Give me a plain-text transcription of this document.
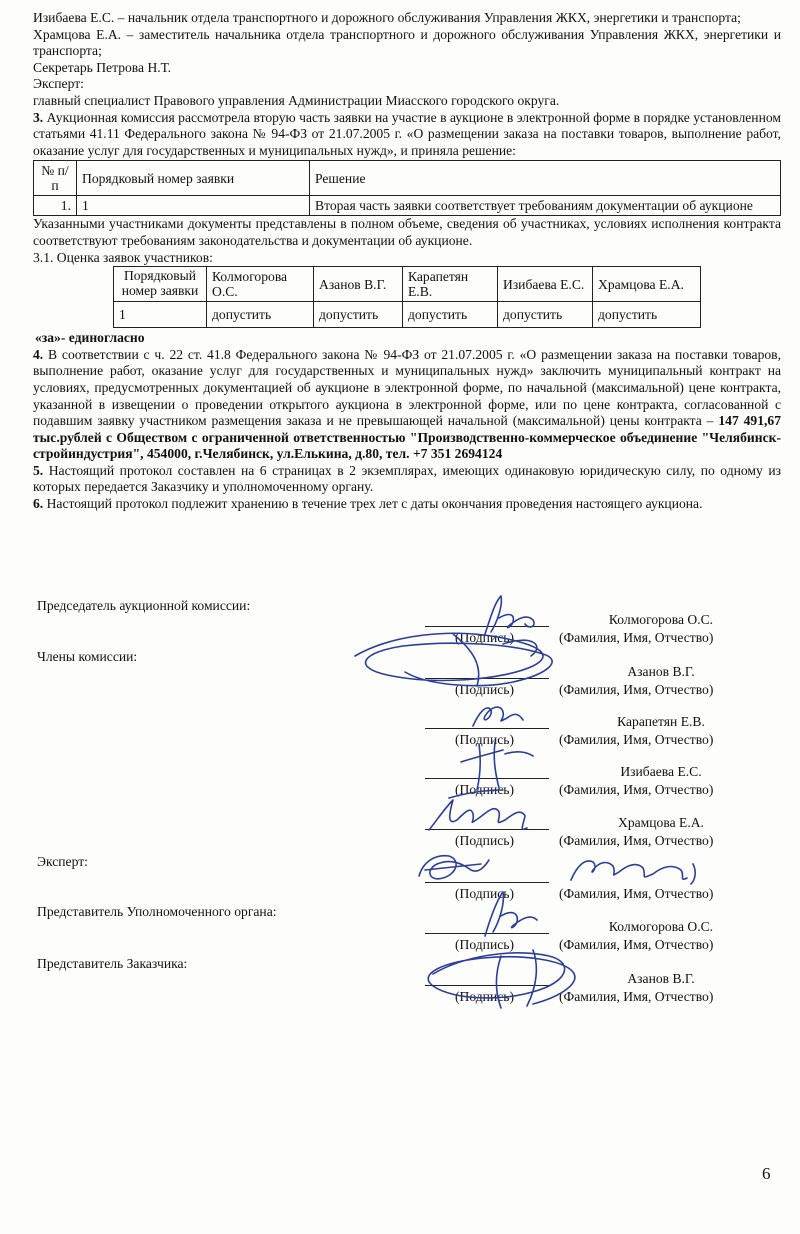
Изибаева Е.С. – начальник отдела транспортного и дорожного обслуживания Управления ЖКХ, энергетики и транспорта;

Храмцова Е.А. – заместитель начальника отдела транспортного и дорожного обслуживания Управления ЖКХ, энергетики и транспорта;

Секретарь Петрова Н.Т.

Эксперт:

главный специалист Правового управления Администрации Миасского городского округа.

3. Аукционная комиссия рассмотрела вторую часть заявки на участие в аукционе в электронной форме в порядке установленном статьями 41.11 Федерального закона № 94-ФЗ от 21.07.2005 г. «О размещении заказа на поставки товаров, выполнение работ, оказание услуг для государственных и муниципальных нужд», и приняла решение:

№ п/п	Порядковый номер заявки	Решение
1.	1	Вторая часть заявки соответствует требованиям документации об аукционе

Указанными участниками документы представлены в полном объеме, сведения об участниках, условиях исполнения контракта соответствуют требованиям законодательства и документации об аукционе.

3.1. Оценка заявок участников:

Порядковый номер заявки	Колмогорова О.С.	Азанов В.Г.	Карапетян Е.В.	Изибаева Е.С.	Храмцова Е.А.
1	допустить	допустить	допустить	допустить	допустить

«за»- единогласно

4. В соответствии с ч. 22 ст. 41.8 Федерального закона № 94-ФЗ от 21.07.2005 г. «О размещении заказа на поставки товаров, выполнение работ, оказание услуг для государственных и муниципальных нужд» заключить муниципальный контракт на условиях, предусмотренных документацией об аукционе в электронной форме, по начальной (максимальной) цене контракта, указанной в извещении о проведении открытого аукциона в электронной форме, или по цене контракта, согласованной с подавшим заявку участником размещения заказа и не превышающей начальной (максимальной) цены контракта – 147 491,67 тыс.рублей с Обществом с ограниченной ответственностью "Производственно-коммерческое объединение "Челябинск-стройиндустрия", 454000, г.Челябинск, ул.Елькина, д.80, тел. +7 351 2694124

5. Настоящий протокол составлен на 6 страницах в 2 экземплярах, имеющих одинаковую юридическую силу, по одному из которых передается Заказчику и уполномоченному органу.

6. Настоящий протокол подлежит хранению в течение трех лет с даты окончания проведения настоящего аукциона.

Председатель аукционной комиссии:
Колмогорова О.С.
(Подпись)	(Фамилия, Имя, Отчество)
Члены комиссии:
Азанов В.Г.
(Подпись)	(Фамилия, Имя, Отчество)
Карапетян Е.В.
(Подпись)	(Фамилия, Имя, Отчество)
Изибаева Е.С.
(Подпись)	(Фамилия, Имя, Отчество)
Храмцова Е.А.
(Подпись)	(Фамилия, Имя, Отчество)
Эксперт:
(Подпись)	(Фамилия, Имя, Отчество)
Представитель Уполномоченного органа:
Колмогорова О.С.
(Подпись)	(Фамилия, Имя, Отчество)
Представитель Заказчика:
Азанов В.Г.
(Подпись)	(Фамилия, Имя, Отчество)
6
